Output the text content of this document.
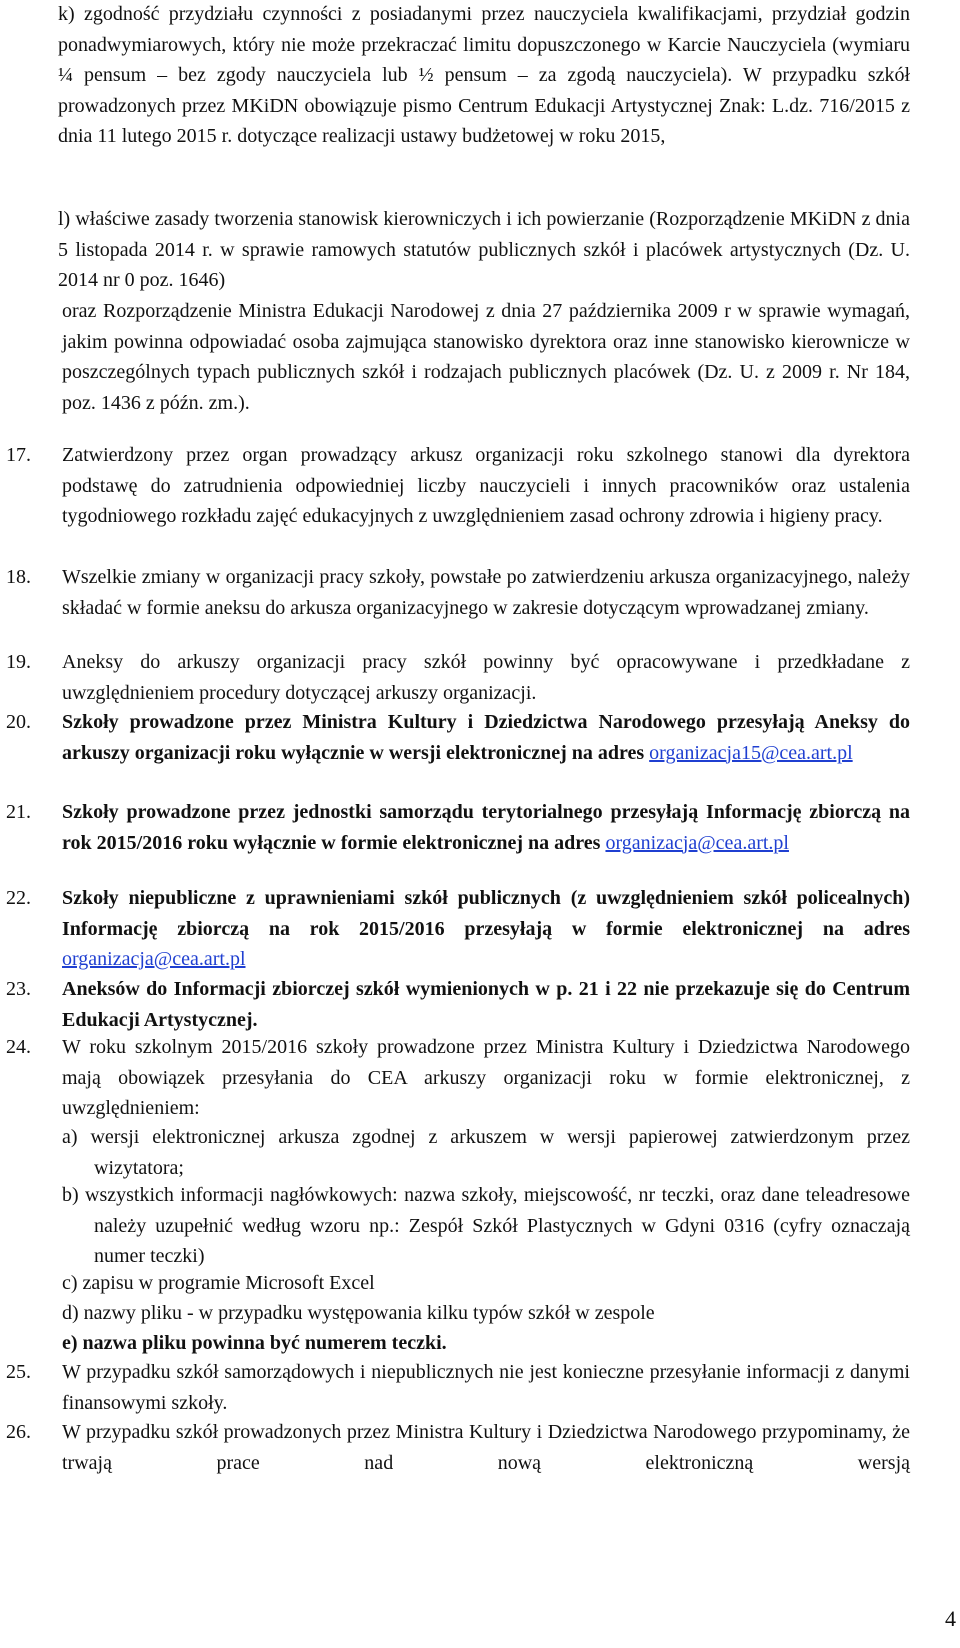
k) zgodność przydziału czynności z posiadanymi przez nauczyciela kwalifikacjami, przydział godzin ponadwymiarowych, który nie może przekraczać limitu dopuszczonego w Karcie Nauczyciela (wymiaru ¼ pensum – bez zgody nauczyciela lub ½ pensum – za zgodą nauczyciela). W przypadku szkół prowadzonych przez MKiDN obowiązuje pismo Centrum Edukacji Artystycznej Znak: L.dz. 716/2015 z dnia 11 lutego 2015 r. dotyczące realizacji ustawy budżetowej w roku 2015,
l) właściwe zasady tworzenia stanowisk kierowniczych i ich powierzanie (Rozporządzenie MKiDN z dnia 5 listopada 2014 r. w sprawie ramowych statutów publicznych szkół i placówek artystycznych (Dz. U. 2014 nr 0 poz. 1646)
oraz Rozporządzenie Ministra Edukacji Narodowej z dnia 27 października 2009 r w sprawie wymagań, jakim powinna odpowiadać osoba zajmująca stanowisko dyrektora oraz inne stanowisko kierownicze w poszczególnych typach publicznych szkół i rodzajach publicznych placówek (Dz. U. z 2009 r. Nr 184, poz. 1436 z późn. zm.).
17. Zatwierdzony przez organ prowadzący arkusz organizacji roku szkolnego stanowi dla dyrektora podstawę do zatrudnienia odpowiedniej liczby nauczycieli i innych pracowników oraz ustalenia tygodniowego rozkładu zajęć edukacyjnych z uwzględnieniem zasad ochrony zdrowia i higieny pracy.
18. Wszelkie zmiany w organizacji pracy szkoły, powstałe po zatwierdzeniu arkusza organizacyjnego, należy składać w formie aneksu do arkusza organizacyjnego w zakresie dotyczącym wprowadzanej zmiany.
19. Aneksy do arkuszy organizacji pracy szkół powinny być opracowywane i przedkładane z uwzględnieniem procedury dotyczącej arkuszy organizacji.
20. Szkoły prowadzone przez Ministra Kultury i Dziedzictwa Narodowego przesyłają Aneksy do arkuszy organizacji roku wyłącznie w wersji elektronicznej na adres organizacja15@cea.art.pl
21. Szkoły prowadzone przez jednostki samorządu terytorialnego przesyłają Informację zbiorczą na rok 2015/2016 roku wyłącznie w formie elektronicznej na adres organizacja@cea.art.pl
22. Szkoły niepubliczne z uprawnieniami szkół publicznych (z uwzględnieniem szkół policealnych) Informację zbiorczą na rok 2015/2016 przesyłają w formie elektronicznej na adres organizacja@cea.art.pl
23. Aneksów do Informacji zbiorczej szkół wymienionych w p. 21 i 22 nie przekazuje się do Centrum Edukacji Artystycznej.
24. W roku szkolnym 2015/2016 szkoły prowadzone przez Ministra Kultury i Dziedzictwa Narodowego mają obowiązek przesyłania do CEA arkuszy organizacji roku w formie elektronicznej, z uwzględnieniem:
a) wersji elektronicznej arkusza zgodnej z arkuszem w wersji papierowej zatwierdzonym przez wizytatora;
b) wszystkich informacji nagłówkowych: nazwa szkoły, miejscowość, nr teczki, oraz dane teleadresowe należy uzupełnić według wzoru np.: Zespół Szkół Plastycznych w Gdyni 0316 (cyfry oznaczają numer teczki)
c) zapisu w programie Microsoft Excel
d) nazwy pliku - w przypadku występowania kilku typów szkół w zespole
e) nazwa pliku powinna być numerem teczki.
25. W przypadku szkół samorządowych i niepublicznych nie jest konieczne przesyłanie informacji z danymi finansowymi szkoły.
26. W przypadku szkół prowadzonych przez Ministra Kultury i Dziedzictwa Narodowego przypominamy, że trwają prace nad nową elektroniczną wersją
4
